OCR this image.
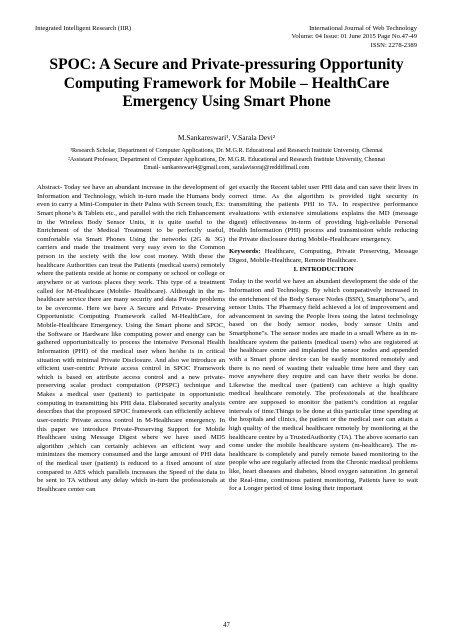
Integrated Intelligent Research (IIR)	International Journal of Web Technology
Volume: 04 Issue: 01 June 2015 Page No.47-49
ISSN: 2278-2389
SPOC: A Secure and Private-pressuring Opportunity Computing Framework for Mobile – HealthCare Emergency Using Smart Phone
M.Sankareswari¹, V.Sarala Devi²
¹Research Scholar, Department of Computer Applications, Dr. M.G.R. Educational and Research Institute University, Chennai
²Assistant Professor, Department of Computer Applications, Dr. M.G.R. Educational and Research Institute University, Chennai
Email- sankareswari4@gmail.com, saralavisoraj@reddiffmail.com

Abstract- Today we have an abundant increase in the development of Information and Technology, which in-turn made the Humans body even to carry a Mini-Computer in their Palms with Screen touch, Ex: Smart phone’s & Tablets etc., and parallel with the rich Enhancement in the Wireless Body Sensor Units, it is quite useful to the Enrichment of the Medical Treatment to be perfectly useful, comfortable via Smart Phones Using the networks (2G & 3G) carriers and made the treatment very easy even to the Common person in the society with the low cost money. With these the healthcare Authorities can treat the Patients (medical users) remotely where the patients reside at home or company or school or college or anywhere or at various places they work. This type of a treatment called for M-Healthcare (Mobile- Healthcare). Although in the m-healthcare service there are many security and data Private problems to be overcome. Here we have A Secure and Private- Preserving Opportunistic Computing Framework called M-HealthCare, for Mobile-Healthcare Emergency. Using the Smart phone and SPOC, the Software or Hardware like computing power and energy can be gathered opportunistically to process the intensive Personal Health Information (PHI) of the medical user when he/she is in critical situation with minimal Private Disclosure. And also we introduce an efficient user-centric Private access control in SPOC Framework which is based on attribute access control and a new private-preserving scalar product computation (PPSPC) technique and Makes a medical user (patient) to participate in opportunistic computing in transmitting his PHI data. Elaborated security analysis describes that the proposed SPOC framework can efficiently achieve user-centric Private access control in M-Healthcare emergency. In this paper we introduce Private-Preserving Support for Mobile Healthcare using Message Digest where we have used MD5 algorithm ,which can certainly achieves an efficient way and minimizes the memory consumed and the large amount of PHI data of the medical user (patient) is reduced to a fixed amount of size compared to AES which parallels increases the Speed of the data to be sent to TA without any delay which in-turn the professionals at Healthcare center can

get exactly the Recent tablet user PHI data and can save their lives in correct time. As the algorithm is provided tight security in transmitting the patients PHI to TA. In respective performance evaluations with extensive simulations explains the MD (message digest) effectiveness in-term of providing high-reliable Personal Health Information (PHI) process and transmission while reducing the Private disclosure during Mobile-Healthcare emergency.

Keywords: Healthcare, Computing, Private Preserving, Message Digest, Mobile-Healthcare, Remote Healthcare.

I. INTRODUCTION

Today in the world we have an abundant development the side of the Information and Technology. By which comparatively increased in the enrichment of the Body Sensor Nodes (BSN), Smartphone"s, and sensor Units. The Pharmacy field achieved a lot of improvement and advancement in saving the People lives using the latest technology based on the body sensor nodes, body sensor Units and Smartphone"s. The sensor nodes are made in a small Where as in m-healthcare system the patients (medical users) who are registered at the healthcare centre and implanted the sensor nodes and appended with a Smart phone device can be easily monitored remotely and there is no need of wasting their valuable time here and they can move anywhere they require and can have their works be done. Likewise the medical user (patient) can achieve a high quality medical healthcare remotely. The professionals at the healthcare centre are supposed to monitor the patient’s condition at regular intervals of time.Things to be done at this particular time spending at the hospitals and clinics, the patient or the medical user can attain a high quality of the medical healthcare remotely by monitoring at the healthcare centre by a TrustedAuthority (TA). The above scenario can come under the mobile healthcare system (m-healthcare). The m-healthcare is completely and purely remote based monitoring to the people who are regularly affected from the Chronic medical problems like, heart diseases and diabetes, blood oxygen saturation .In general the Real-time, continuous patient monitoring, Patients have to wait for a Longer period of time losing their important

47
